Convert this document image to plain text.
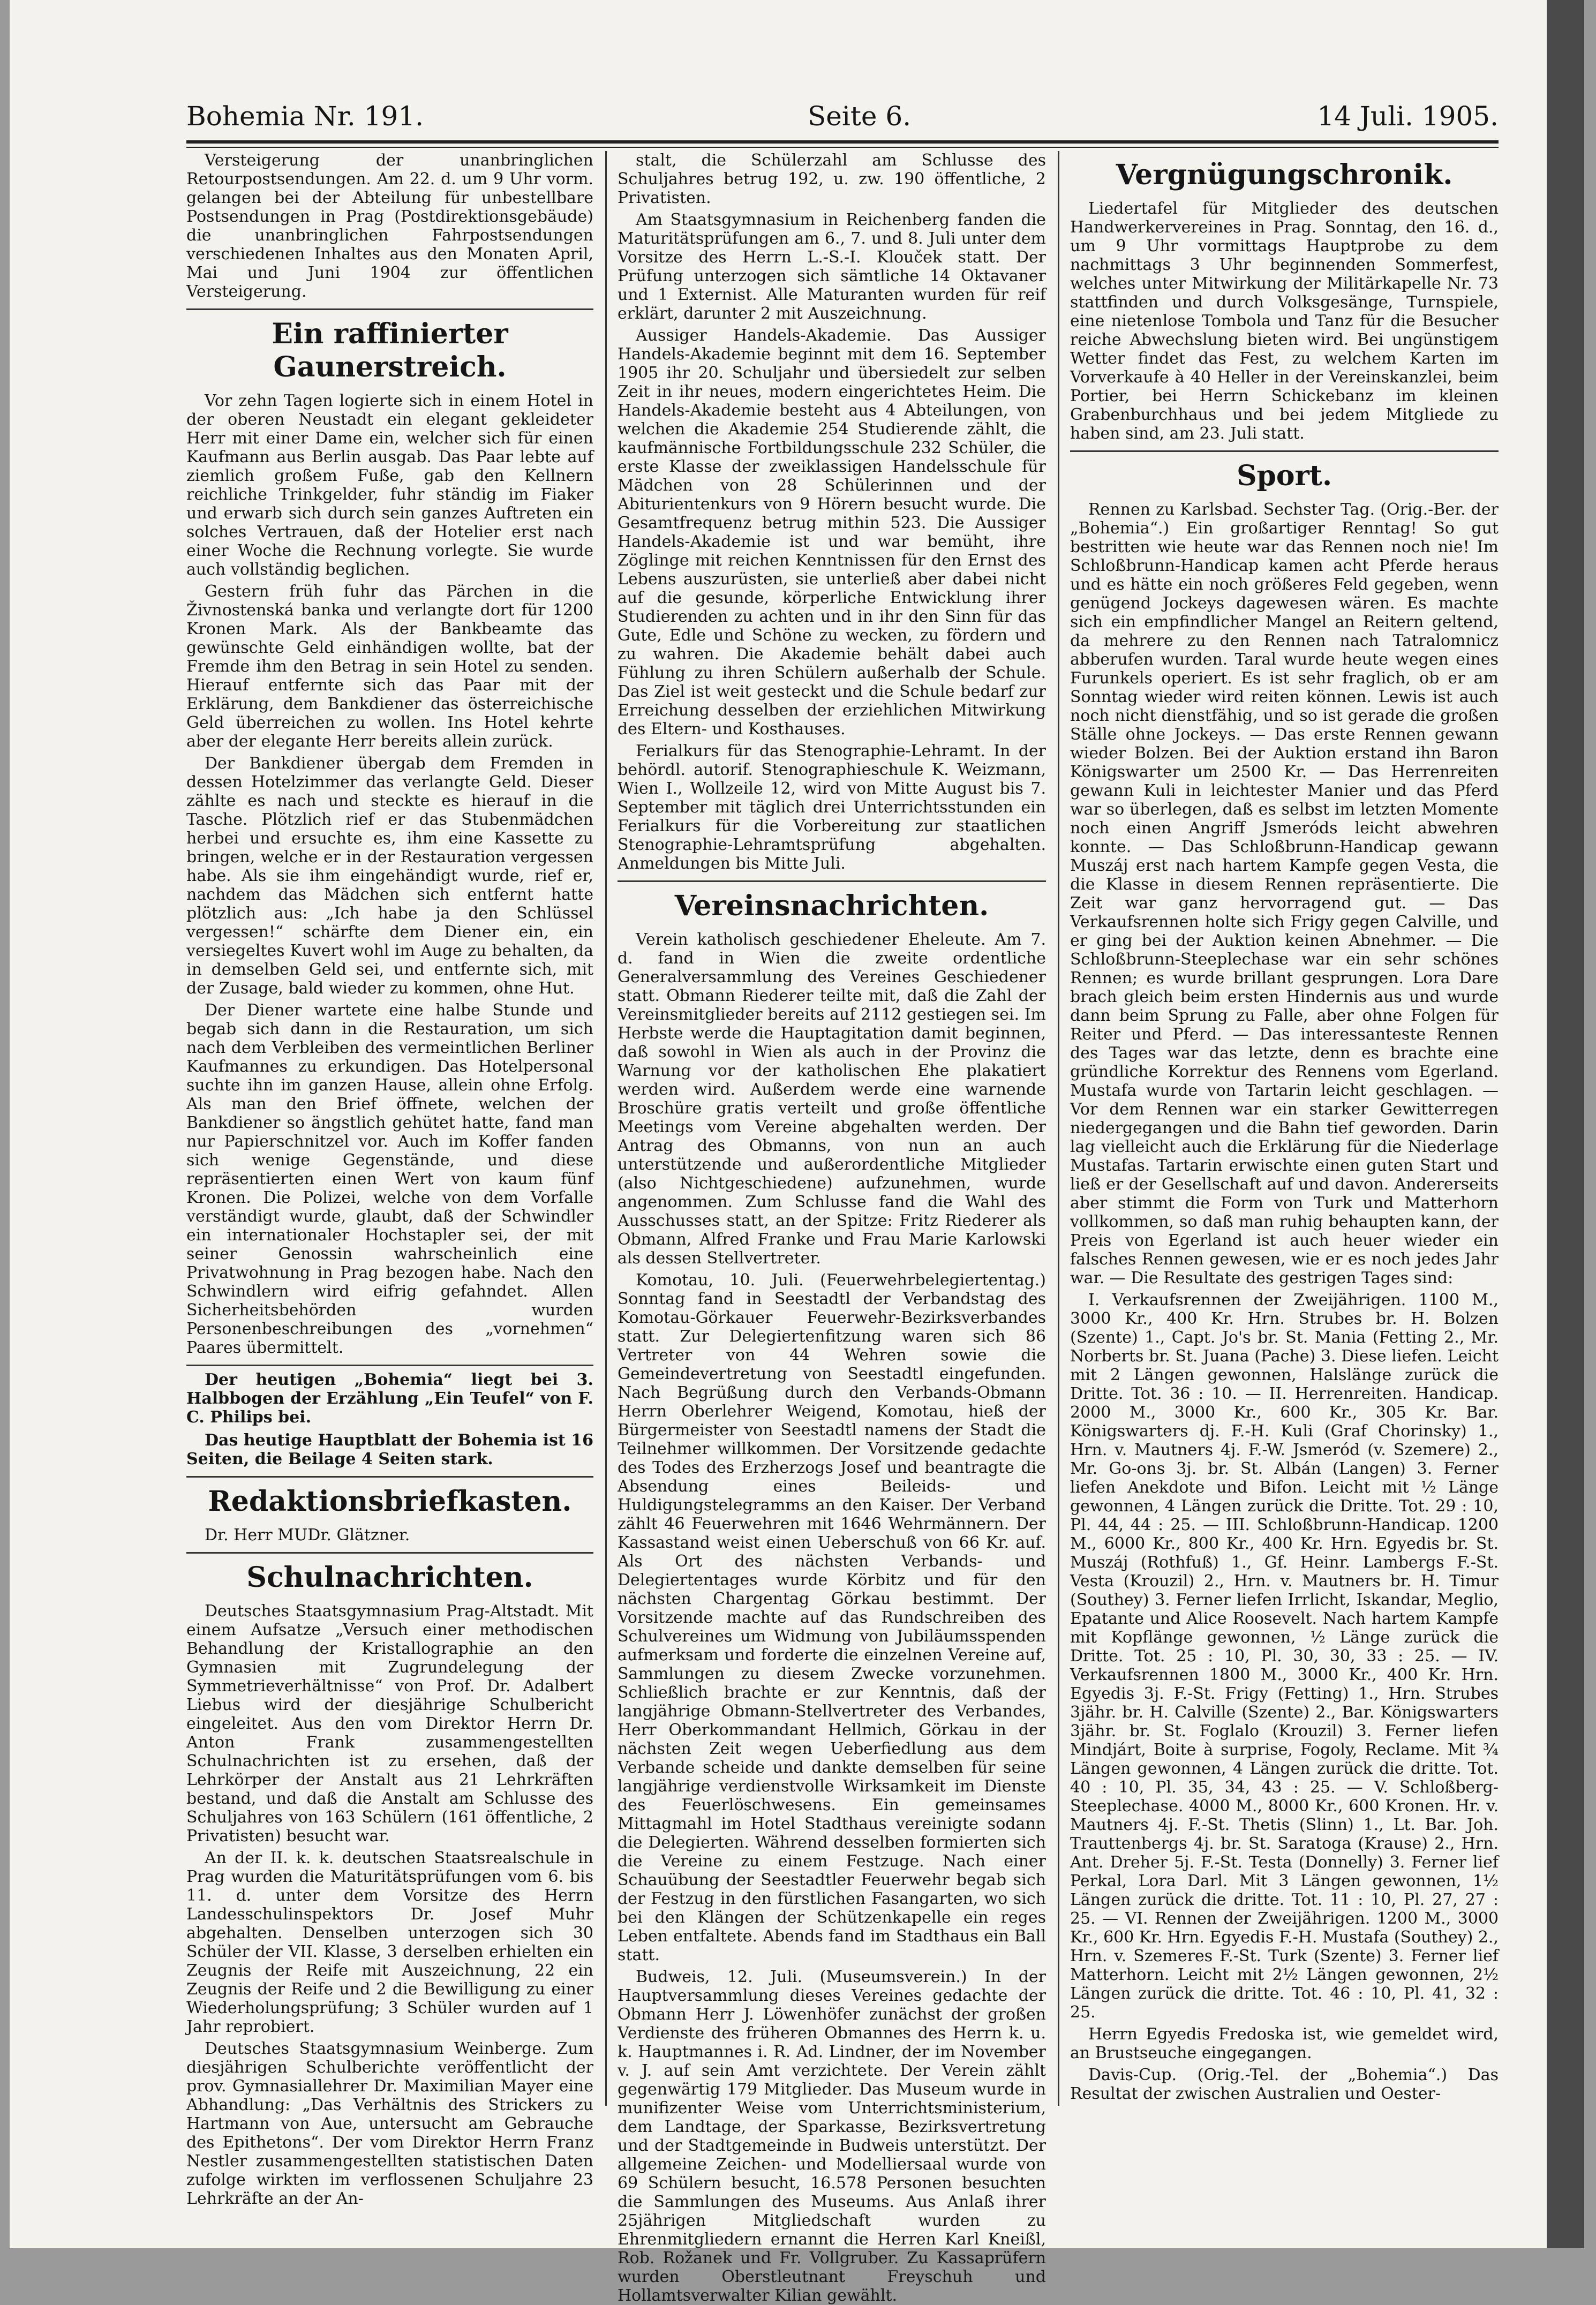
Bohemia Nr. 191.	Seite 6.	14 Juli. 1905.

Versteigerung der unanbringlichen Retourpostsendungen. Am 22. d. um 9 Uhr vorm. gelangen bei der Abteilung für unbestellbare Postsendungen in Prag (Postdirektionsgebäude) die unanbringlichen Fahrpostsendungen verschiedenen Inhaltes aus den Monaten April, Mai und Juni 1904 zur öffentlichen Versteigerung.

Ein raffinierter Gaunerstreich.

Vor zehn Tagen logierte sich in einem Hotel in der oberen Neustadt ein elegant gekleideter Herr mit einer Dame ein, welcher sich für einen Kaufmann aus Berlin ausgab. Das Paar lebte auf ziemlich großem Fuße, gab den Kellnern reichliche Trinkgelder, fuhr ständig im Fiaker und erwarb sich durch sein ganzes Auftreten ein solches Vertrauen, daß der Hotelier erst nach einer Woche die Rechnung vorlegte. Sie wurde auch vollständig beglichen.

Gestern früh fuhr das Pärchen in die Živnostenská banka und verlangte dort für 1200 Kronen Mark. Als der Bankbeamte das gewünschte Geld einhändigen wollte, bat der Fremde ihm den Betrag in sein Hotel zu senden. Hierauf entfernte sich das Paar mit der Erklärung, dem Bankdiener das österreichische Geld überreichen zu wollen. Ins Hotel kehrte aber der elegante Herr bereits allein zurück.

Der Bankdiener übergab dem Fremden in dessen Hotelzimmer das verlangte Geld. Dieser zählte es nach und steckte es hierauf in die Tasche. Plötzlich rief er das Stubenmädchen herbei und ersuchte es, ihm eine Kassette zu bringen, welche er in der Restauration vergessen habe. Als sie ihm eingehändigt wurde, rief er, nachdem das Mädchen sich entfernt hatte plötzlich aus: „Ich habe ja den Schlüssel vergessen!“ schärfte dem Diener ein, ein versiegeltes Kuvert wohl im Auge zu behalten, da in demselben Geld sei, und entfernte sich, mit der Zusage, bald wieder zu kommen, ohne Hut.

Der Diener wartete eine halbe Stunde und begab sich dann in die Restauration, um sich nach dem Verbleiben des vermeintlichen Berliner Kaufmannes zu erkundigen. Das Hotelpersonal suchte ihn im ganzen Hause, allein ohne Erfolg. Als man den Brief öffnete, welchen der Bankdiener so ängstlich gehütet hatte, fand man nur Papierschnitzel vor. Auch im Koffer fanden sich wenige Gegenstände, und diese repräsentierten einen Wert von kaum fünf Kronen. Die Polizei, welche von dem Vorfalle verständigt wurde, glaubt, daß der Schwindler ein internationaler Hochstapler sei, der mit seiner Genossin wahrscheinlich eine Privatwohnung in Prag bezogen habe. Nach den Schwindlern wird eifrig gefahndet. Allen Sicherheitsbehörden wurden Personenbeschreibungen des „vornehmen“ Paares übermittelt.

Der heutigen „Bohemia“ liegt bei 3. Halbbogen der Erzählung „Ein Teufel“ von F. C. Philips bei.

Das heutige Hauptblatt der Bohemia ist 16 Seiten, die Beilage 4 Seiten stark.

Redaktionsbriefkasten.

Dr. Herr MUDr. Glätzner.

Schulnachrichten.

Deutsches Staatsgymnasium Prag-Altstadt. Mit einem Aufsatze „Versuch einer methodischen Behandlung der Kristallographie an den Gymnasien mit Zugrundelegung der Symmetrieverhältnisse“ von Prof. Dr. Adalbert Liebus wird der diesjährige Schulbericht eingeleitet. Aus den vom Direktor Herrn Dr. Anton Frank zusammengestellten Schulnachrichten ist zu ersehen, daß der Lehrkörper der Anstalt aus 21 Lehrkräften bestand, und daß die Anstalt am Schlusse des Schuljahres von 163 Schülern (161 öffentliche, 2 Privatisten) besucht war.

An der II. k. k. deutschen Staatsrealschule in Prag wurden die Maturitätsprüfungen vom 6. bis 11. d. unter dem Vorsitze des Herrn Landesschulinspektors Dr. Josef Muhr abgehalten. Denselben unterzogen sich 30 Schüler der VII. Klasse, 3 derselben erhielten ein Zeugnis der Reife mit Auszeichnung, 22 ein Zeugnis der Reife und 2 die Bewilligung zu einer Wiederholungsprüfung; 3 Schüler wurden auf 1 Jahr reprobiert.

Deutsches Staatsgymnasium Weinberge. Zum diesjährigen Schulberichte veröffentlicht der prov. Gymnasiallehrer Dr. Maximilian Mayer eine Abhandlung: „Das Verhältnis des Strickers zu Hartmann von Aue, untersucht am Gebrauche des Epithetons“. Der vom Direktor Herrn Franz Nestler zusammengestellten statistischen Daten zufolge wirkten im verflossenen Schuljahre 23 Lehrkräfte an der An-

stalt, die Schülerzahl am Schlusse des Schuljahres betrug 192, u. zw. 190 öffentliche, 2 Privatisten.

Am Staatsgymnasium in Reichenberg fanden die Maturitätsprüfungen am 6., 7. und 8. Juli unter dem Vorsitze des Herrn L.-S.-I. Klouček statt. Der Prüfung unterzogen sich sämtliche 14 Oktavaner und 1 Externist. Alle Maturanten wurden für reif erklärt, darunter 2 mit Auszeichnung.

Aussiger Handels-Akademie. Das Aussiger Handels-Akademie beginnt mit dem 16. September 1905 ihr 20. Schuljahr und übersiedelt zur selben Zeit in ihr neues, modern eingerichtetes Heim. Die Handels-Akademie besteht aus 4 Abteilungen, von welchen die Akademie 254 Studierende zählt, die kaufmännische Fortbildungsschule 232 Schüler, die erste Klasse der zweiklassigen Handelsschule für Mädchen von 28 Schülerinnen und der Abiturientenkurs von 9 Hörern besucht wurde. Die Gesamtfrequenz betrug mithin 523. Die Aussiger Handels-Akademie ist und war bemüht, ihre Zöglinge mit reichen Kenntnissen für den Ernst des Lebens auszurüsten, sie unterließ aber dabei nicht auf die gesunde, körperliche Entwicklung ihrer Studierenden zu achten und in ihr den Sinn für das Gute, Edle und Schöne zu wecken, zu fördern und zu wahren. Die Akademie behält dabei auch Fühlung zu ihren Schülern außerhalb der Schule. Das Ziel ist weit gesteckt und die Schule bedarf zur Erreichung desselben der erziehlichen Mitwirkung des Eltern- und Kosthauses.

Ferialkurs für das Stenographie-Lehramt. In der behördl. autorif. Stenographieschule K. Weizmann, Wien I., Wollzeile 12, wird von Mitte August bis 7. September mit täglich drei Unterrichtsstunden ein Ferialkurs für die Vorbereitung zur staatlichen Stenographie-Lehramtsprüfung abgehalten. Anmeldungen bis Mitte Juli.

Vereinsnachrichten.

Verein katholisch geschiedener Eheleute. Am 7. d. fand in Wien die zweite ordentliche Generalversammlung des Vereines Geschiedener statt. Obmann Riederer teilte mit, daß die Zahl der Vereinsmitglieder bereits auf 2112 gestiegen sei. Im Herbste werde die Hauptagitation damit beginnen, daß sowohl in Wien als auch in der Provinz die Warnung vor der katholischen Ehe plakatiert werden wird. Außerdem werde eine warnende Broschüre gratis verteilt und große öffentliche Meetings vom Vereine abgehalten werden. Der Antrag des Obmanns, von nun an auch unterstützende und außerordentliche Mitglieder (also Nichtgeschiedene) aufzunehmen, wurde angenommen. Zum Schlusse fand die Wahl des Ausschusses statt, an der Spitze: Fritz Riederer als Obmann, Alfred Franke und Frau Marie Karlowski als dessen Stellvertreter.

Komotau, 10. Juli. (Feuerwehrbelegiertentag.) Sonntag fand in Seestadtl der Verbandstag des Komotau-Görkauer Feuerwehr-Bezirksverbandes statt. Zur Delegiertenfitzung waren sich 86 Vertreter von 44 Wehren sowie die Gemeindevertretung von Seestadtl eingefunden. Nach Begrüßung durch den Verbands-Obmann Herrn Oberlehrer Weigend, Komotau, hieß der Bürgermeister von Seestadtl namens der Stadt die Teilnehmer willkommen. Der Vorsitzende gedachte des Todes des Erzherzogs Josef und beantragte die Absendung eines Beileids- und Huldigungstelegramms an den Kaiser. Der Verband zählt 46 Feuerwehren mit 1646 Wehrmännern. Der Kassastand weist einen Ueberschuß von 66 Kr. auf. Als Ort des nächsten Verbands- und Delegiertentages wurde Körbitz und für den nächsten Chargentag Görkau bestimmt. Der Vorsitzende machte auf das Rundschreiben des Schulvereines um Widmung von Jubiläumsspenden aufmerksam und forderte die einzelnen Vereine auf, Sammlungen zu diesem Zwecke vorzunehmen. Schließlich brachte er zur Kenntnis, daß der langjährige Obmann-Stellvertreter des Verbandes, Herr Oberkommandant Hellmich, Görkau in der nächsten Zeit wegen Ueberfiedlung aus dem Verbande scheide und dankte demselben für seine langjährige verdienstvolle Wirksamkeit im Dienste des Feuerlöschwesens. Ein gemeinsames Mittagmahl im Hotel Stadthaus vereinigte sodann die Delegierten. Während desselben formierten sich die Vereine zu einem Festzuge. Nach einer Schauübung der Seestadtler Feuerwehr begab sich der Festzug in den fürstlichen Fasangarten, wo sich bei den Klängen der Schützenkapelle ein reges Leben entfaltete. Abends fand im Stadthaus ein Ball statt.

Budweis, 12. Juli. (Museumsverein.) In der Hauptversammlung dieses Vereines gedachte der Obmann Herr J. Löwenhöfer zunächst der großen Verdienste des früheren Obmannes des Herrn k. u. k. Hauptmannes i. R. Ad. Lindner, der im November v. J. auf sein Amt verzichtete. Der Verein zählt gegenwärtig 179 Mitglieder. Das Museum wurde in munifizenter Weise vom Unterrichtsministerium, dem Landtage, der Sparkasse, Bezirksvertretung und der Stadtgemeinde in Budweis unterstützt. Der allgemeine Zeichen- und Modelliersaal wurde von 69 Schülern besucht, 16.578 Personen besuchten die Sammlungen des Museums. Aus Anlaß ihrer 25jährigen Mitgliedschaft wurden zu Ehrenmitgliedern ernannt die Herren Karl Kneißl, Rob. Rožanek und Fr. Vollgruber. Zu Kassaprüfern wurden Oberstleutnant Freyschuh und Hollamtsverwalter Kilian gewählt.

Vergnügungschronik.

Liedertafel für Mitglieder des deutschen Handwerkervereines in Prag. Sonntag, den 16. d., um 9 Uhr vormittags Hauptprobe zu dem nachmittags 3 Uhr beginnenden Sommerfest, welches unter Mitwirkung der Militärkapelle Nr. 73 stattfinden und durch Volksgesänge, Turnspiele, eine nietenlose Tombola und Tanz für die Besucher reiche Abwechslung bieten wird. Bei ungünstigem Wetter findet das Fest, zu welchem Karten im Vorverkaufe à 40 Heller in der Vereinskanzlei, beim Portier, bei Herrn Schickebanz im kleinen Grabenburchhaus und bei jedem Mitgliede zu haben sind, am 23. Juli statt.

Sport.

Rennen zu Karlsbad. Sechster Tag. (Orig.-Ber. der „Bohemia“.) Ein großartiger Renntag! So gut bestritten wie heute war das Rennen noch nie! Im Schloßbrunn-Handicap kamen acht Pferde heraus und es hätte ein noch größeres Feld gegeben, wenn genügend Jockeys dagewesen wären. Es machte sich ein empfindlicher Mangel an Reitern geltend, da mehrere zu den Rennen nach Tatralomnicz abberufen wurden. Taral wurde heute wegen eines Furunkels operiert. Es ist sehr fraglich, ob er am Sonntag wieder wird reiten können. Lewis ist auch noch nicht dienstfähig, und so ist gerade die großen Ställe ohne Jockeys. — Das erste Rennen gewann wieder Bolzen. Bei der Auktion erstand ihn Baron Königswarter um 2500 Kr. — Das Herrenreiten gewann Kuli in leichtester Manier und das Pferd war so überlegen, daß es selbst im letzten Momente noch einen Angriff Jsmeróds leicht abwehren konnte. — Das Schloßbrunn-Handicap gewann Muszáj erst nach hartem Kampfe gegen Vesta, die die Klasse in diesem Rennen repräsentierte. Die Zeit war ganz hervorragend gut. — Das Verkaufsrennen holte sich Frigy gegen Calville, und er ging bei der Auktion keinen Abnehmer. — Die Schloßbrunn-Steeplechase war ein sehr schönes Rennen; es wurde brillant gesprungen. Lora Dare brach gleich beim ersten Hindernis aus und wurde dann beim Sprung zu Falle, aber ohne Folgen für Reiter und Pferd. — Das interessanteste Rennen des Tages war das letzte, denn es brachte eine gründliche Korrektur des Rennens vom Egerland. Mustafa wurde von Tartarin leicht geschlagen. — Vor dem Rennen war ein starker Gewitterregen niedergegangen und die Bahn tief geworden. Darin lag vielleicht auch die Erklärung für die Niederlage Mustafas. Tartarin erwischte einen guten Start und ließ er der Gesellschaft auf und davon. Andererseits aber stimmt die Form von Turk und Matterhorn vollkommen, so daß man ruhig behaupten kann, der Preis von Egerland ist auch heuer wieder ein falsches Rennen gewesen, wie er es noch jedes Jahr war. — Die Resultate des gestrigen Tages sind:

I. Verkaufsrennen der Zweijährigen. 1100 M., 3000 Kr., 400 Kr. Hrn. Strubes br. H. Bolzen (Szente) 1., Capt. Jo's br. St. Mania (Fetting 2., Mr. Norberts br. St. Juana (Pache) 3. Diese liefen. Leicht mit 2 Längen gewonnen, Halslänge zurück die Dritte. Tot. 36 : 10. — II. Herrenreiten. Handicap. 2000 M., 3000 Kr., 600 Kr., 305 Kr. Bar. Königswarters dj. F.-H. Kuli (Graf Chorinsky) 1., Hrn. v. Mautners 4j. F.-W. Jsmeród (v. Szemere) 2., Mr. Go-ons 3j. br. St. Albán (Langen) 3. Ferner liefen Anekdote und Bifon. Leicht mit ½ Länge gewonnen, 4 Längen zurück die Dritte. Tot. 29 : 10, Pl. 44, 44 : 25. — III. Schloßbrunn-Handicap. 1200 M., 6000 Kr., 800 Kr., 400 Kr. Hrn. Egyedis br. St. Muszáj (Rothfuß) 1., Gf. Heinr. Lambergs F.-St. Vesta (Krouzil) 2., Hrn. v. Mautners br. H. Timur (Southey) 3. Ferner liefen Irrlicht, Iskandar, Meglio, Epatante und Alice Roosevelt. Nach hartem Kampfe mit Kopflänge gewonnen, ½ Länge zurück die Dritte. Tot. 25 : 10, Pl. 30, 30, 33 : 25. — IV. Verkaufsrennen 1800 M., 3000 Kr., 400 Kr. Hrn. Egyedis 3j. F.-St. Frigy (Fetting) 1., Hrn. Strubes 3jähr. br. H. Calville (Szente) 2., Bar. Königswarters 3jähr. br. St. Foglalo (Krouzil) 3. Ferner liefen Mindjárt, Boite à surprise, Fogoly, Reclame. Mit ¾ Längen gewonnen, 4 Längen zurück die dritte. Tot. 40 : 10, Pl. 35, 34, 43 : 25. — V. Schloßberg-Steeplechase. 4000 M., 8000 Kr., 600 Kronen. Hr. v. Mautners 4j. F.-St. Thetis (Slinn) 1., Lt. Bar. Joh. Trauttenbergs 4j. br. St. Saratoga (Krause) 2., Hrn. Ant. Dreher 5j. F.-St. Testa (Donnelly) 3. Ferner lief Perkal, Lora Darl. Mit 3 Längen gewonnen, 1½ Längen zurück die dritte. Tot. 11 : 10, Pl. 27, 27 : 25. — VI. Rennen der Zweijährigen. 1200 M., 3000 Kr., 600 Kr. Hrn. Egyedis F.-H. Mustafa (Southey) 2., Hrn. v. Szemeres F.-St. Turk (Szente) 3. Ferner lief Matterhorn. Leicht mit 2½ Längen gewonnen, 2½ Längen zurück die dritte. Tot. 46 : 10, Pl. 41, 32 : 25.

Herrn Egyedis Fredoska ist, wie gemeldet wird, an Brustseuche eingegangen.

Davis-Cup. (Orig.-Tel. der „Bohemia“.) Das Resultat der zwischen Australien und Oester-
